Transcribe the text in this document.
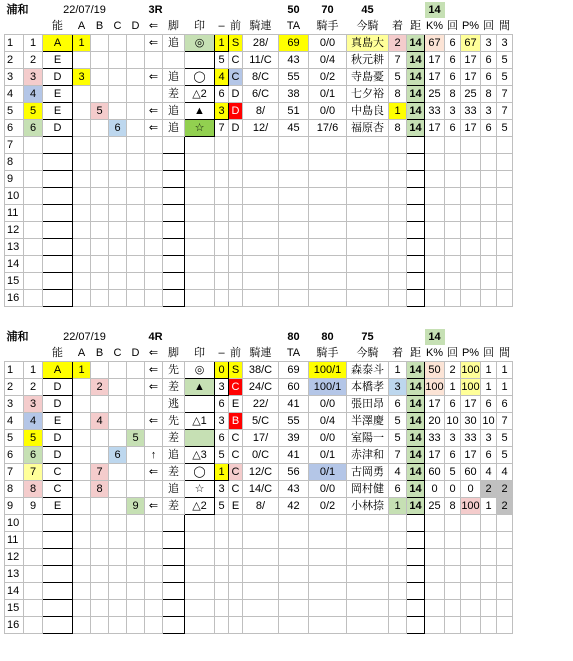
浦和		22/07/19				3R							50	70	45			14				
		能	A	B	C	D	⇐	脚	印	–	前	騎連	TA	騎手	今騎	着	距	K%	回	P%	回	間
1	1	A	1				⇐	追	◎	1	S	28/	69	0/0	真島大	2	14	67	6	67	3	3
2	2	E								5	C	11/C	43	0/4	秋元耕	7	14	17	6	17	6	5
3	3	D	3				⇐	追	◯	4	C	8/C	55	0/2	寺島憂	5	14	17	6	17	6	5
4	4	E						差	△2	6	D	6/C	38	0/1	七夕裕	8	14	25	8	25	8	7
5	5	E		5			⇐	追	▲	3	D	8/	51	0/0	中島良	1	14	33	3	33	3	7
6	6	D			6		⇐	追	☆	7	D	12/	45	17/6	福原杏	8	14	17	6	17	6	5
7																						
8																						
9																						
10																						
11																						
12																						
13																						
14																						
15																						
16																						
浦和		22/07/19				4R							80	80	75			14				
		能	A	B	C	D	⇐	脚	印	–	前	騎連	TA	騎手	今騎	着	距	K%	回	P%	回	間
1	1	A	1				⇐	先	◎	0	S	38/C	69	100/1	森泰斗	1	14	50	2	100	1	1
2	2	D		2			⇐	差	▲	3	C	24/C	60	100/1	本橋孝	3	14	100	1	100	1	1
3	3	D						逃		6	E	22/	41	0/0	張田昂	6	14	17	6	17	6	6
4	4	E		4			⇐	先	△1	3	B	5/C	55	0/4	半澤慶	5	14	20	10	30	10	7
5	5	D				5		差		6	C	17/	39	0/0	室陽一	5	14	33	3	33	3	5
6	6	D			6		↑	追	△3	5	C	0/C	41	0/1	赤津和	7	14	17	6	17	6	5
7	7	C		7			⇐	差	◯	1	C	12/C	56	0/1	古岡勇	4	14	60	5	60	4	4
8	8	C		8				追	☆	3	C	14/C	43	0/0	岡村健	6	14	0	0	0	2	2
9	9	E				9	⇐	差	△2	5	E	8/	42	0/2	小林捺	1	14	25	8	100	1	2
10																						
11																						
12																						
13																						
14																						
15																						
16																						
